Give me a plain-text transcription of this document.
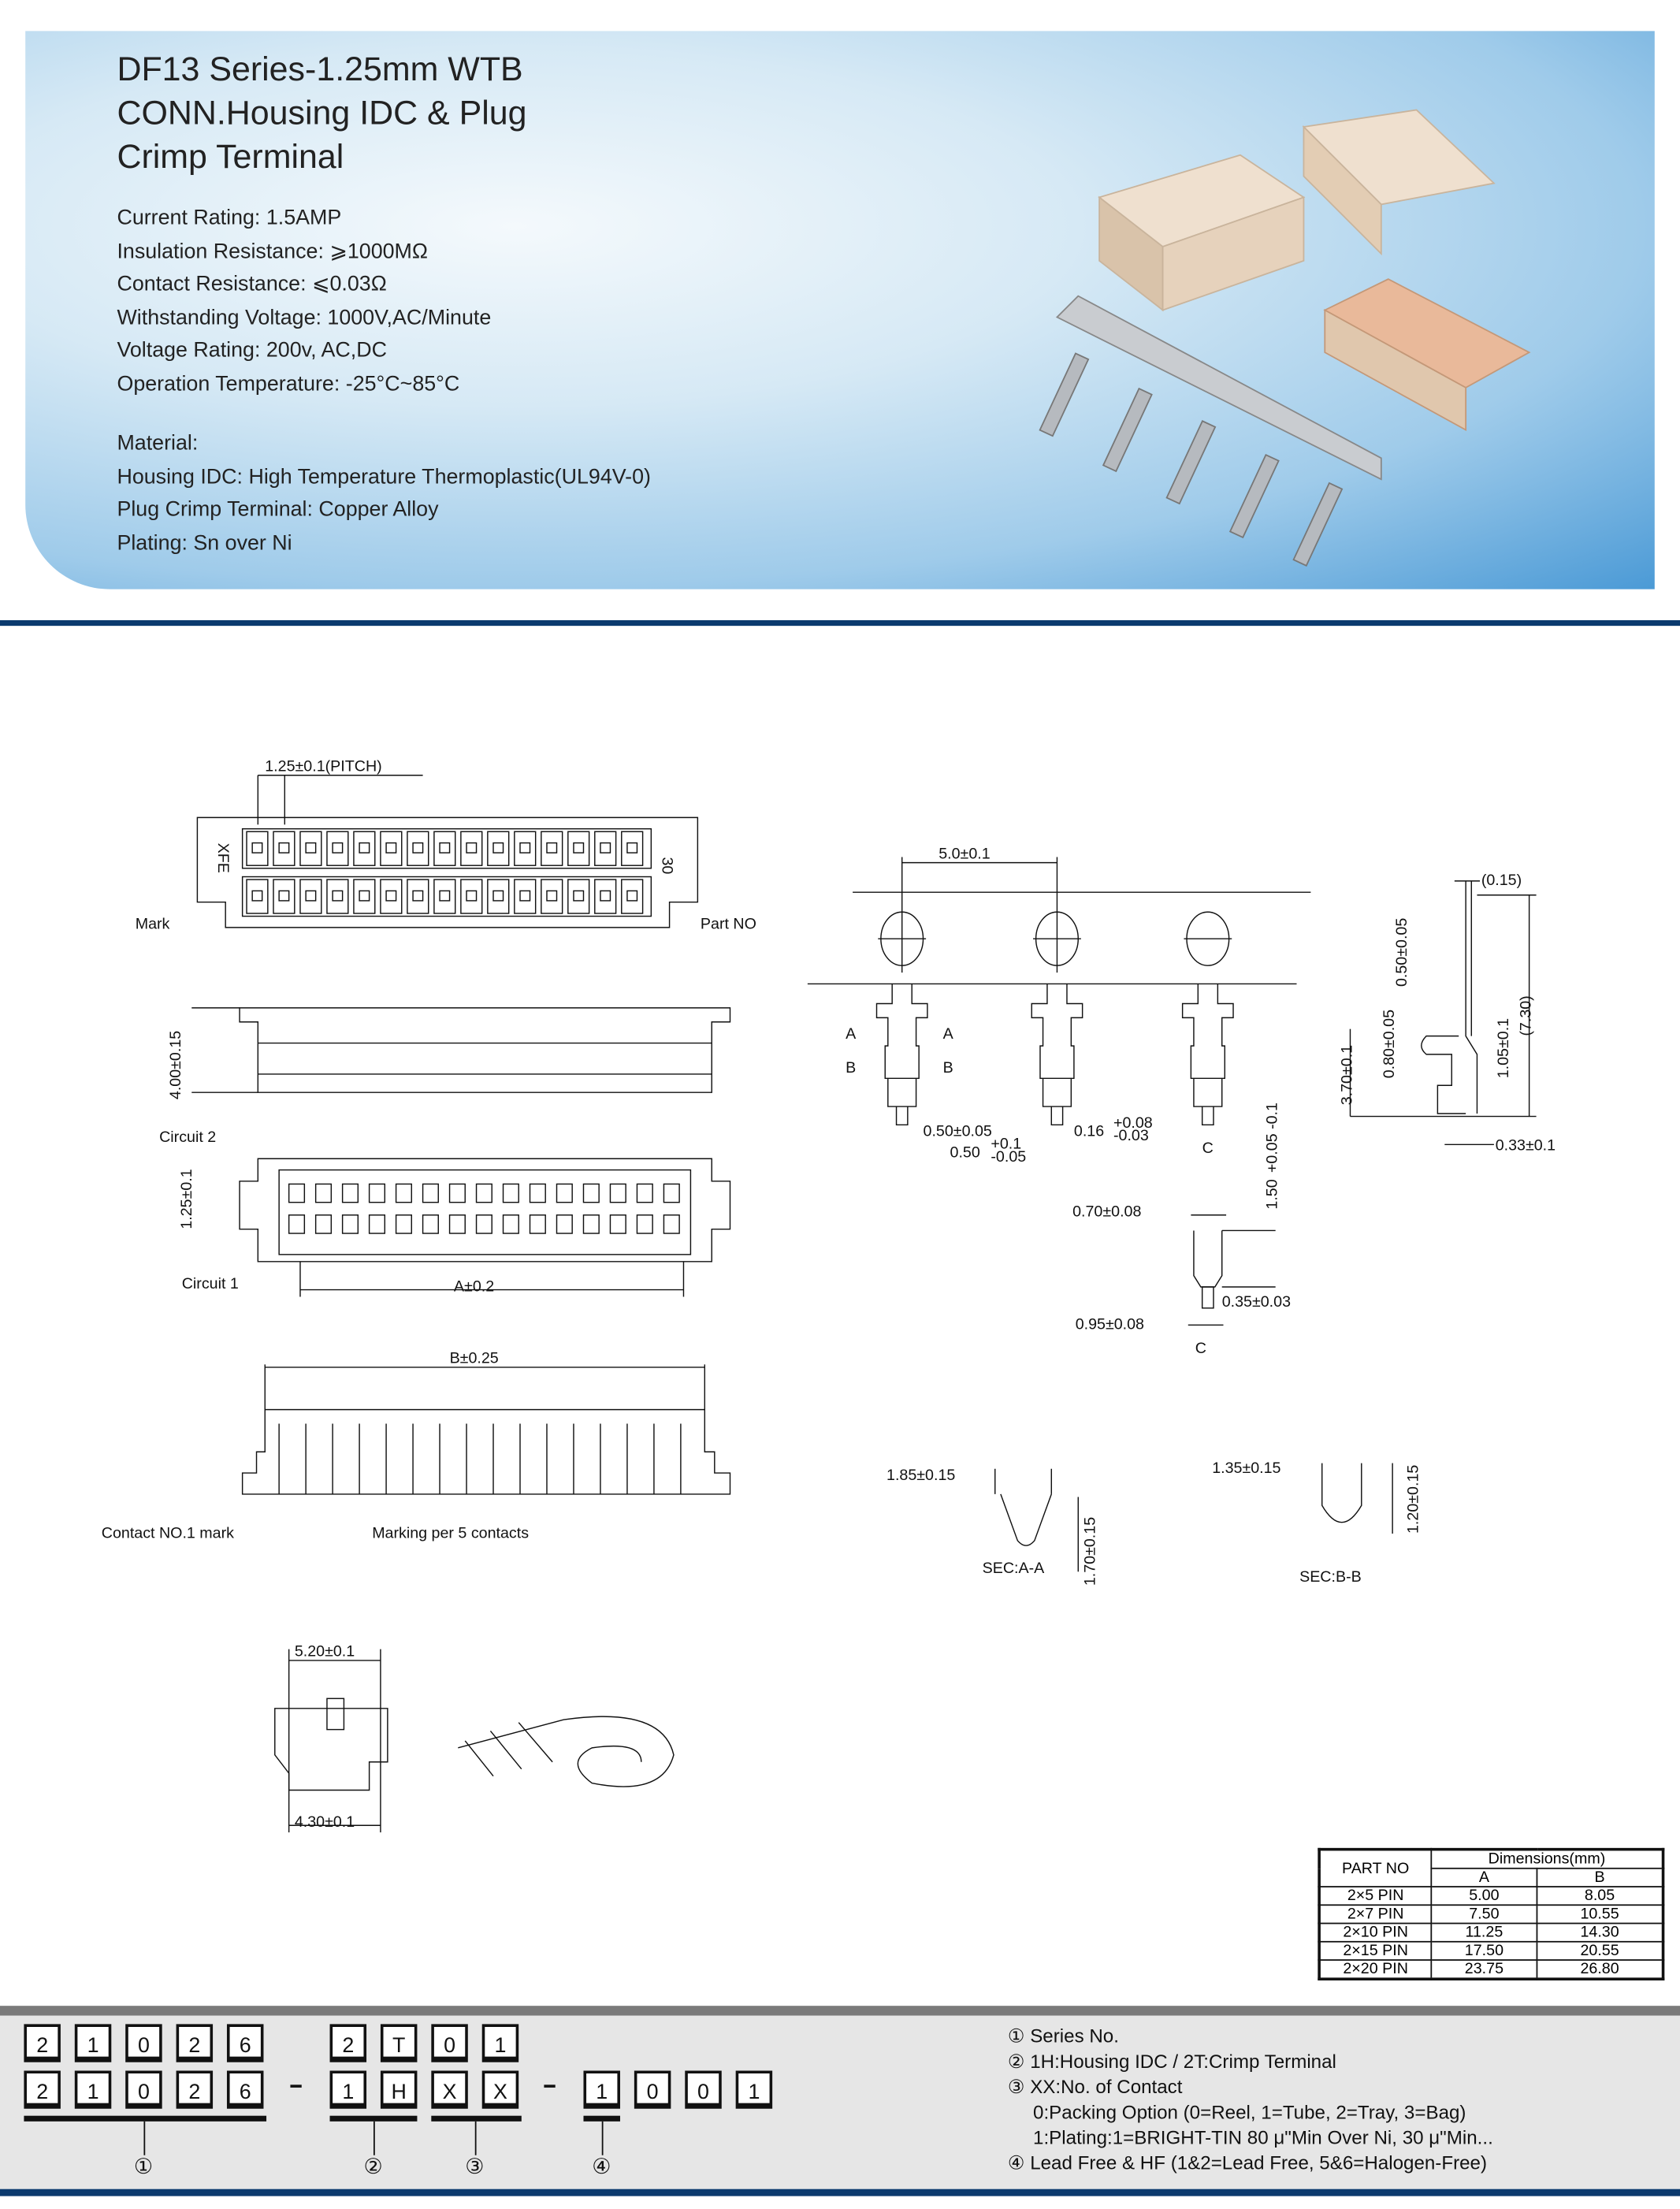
DF13 Series-1.25mm WTB
CONN.Housing IDC & Plug
Crimp Terminal
Current Rating: 1.5AMP
Insulation Resistance: ⩾1000MΩ
Contact Resistance: ⩽0.03Ω
Withstanding Voltage: 1000V,AC/Minute
Voltage Rating: 200v, AC,DC
Operation Temperature: -25°C~85°C
Material:
Housing IDC: High Temperature Thermoplastic(UL94V-0)
Plug Crimp Terminal: Copper Alloy
Plating: Sn over Ni
1.25±0.1(PITCH)
XFE	30
Mark	Part NO
4.00±0.15
Circuit 2
Circuit 1
1.25±0.1
A±0.2
B±0.25
Contact NO.1 mark	Marking per 5 contacts
5.20±0.1
4.30±0.1
5.0±0.1
A	A
B	B
0.50±0.05
0.50 +0.1
-0.05
0.16 +0.08
-0.03
C
(0.15)
0.50±0.05
0.80±0.05
3.70±0.1	1.05±0.1
(7.30)
0.33±0.1
0.70±0.08
1.50
+0.05 -0.1
0.35±0.03
0.95±0.08
C
1.85±0.15
1.70±0.15
SEC:A-A
1.35±0.15	1.20±0.15
SEC:B-B
PART NO	Dimensions(mm)	
	A	B
2×5 PIN	5.00	8.05
2×7 PIN	7.50	10.55
2×10 PIN	11.25	14.30
2×15 PIN	17.50	20.55
2×20 PIN	23.75	26.80
2	1	0	2	6	2	T	0	1
2	1	0	2	6	1	H	X	X	1	0	0	1
①	②	③	④
① Series No.
② 1H:Housing IDC / 2T:Crimp Terminal
③ XX:No. of Contact
0:Packing Option (0=Reel, 1=Tube, 2=Tray, 3=Bag)
1:Plating:1=BRIGHT-TIN 80 μ"Min Over Ni, 30 μ"Min...
④ Lead Free & HF (1&2=Lead Free, 5&6=Halogen-Free)
